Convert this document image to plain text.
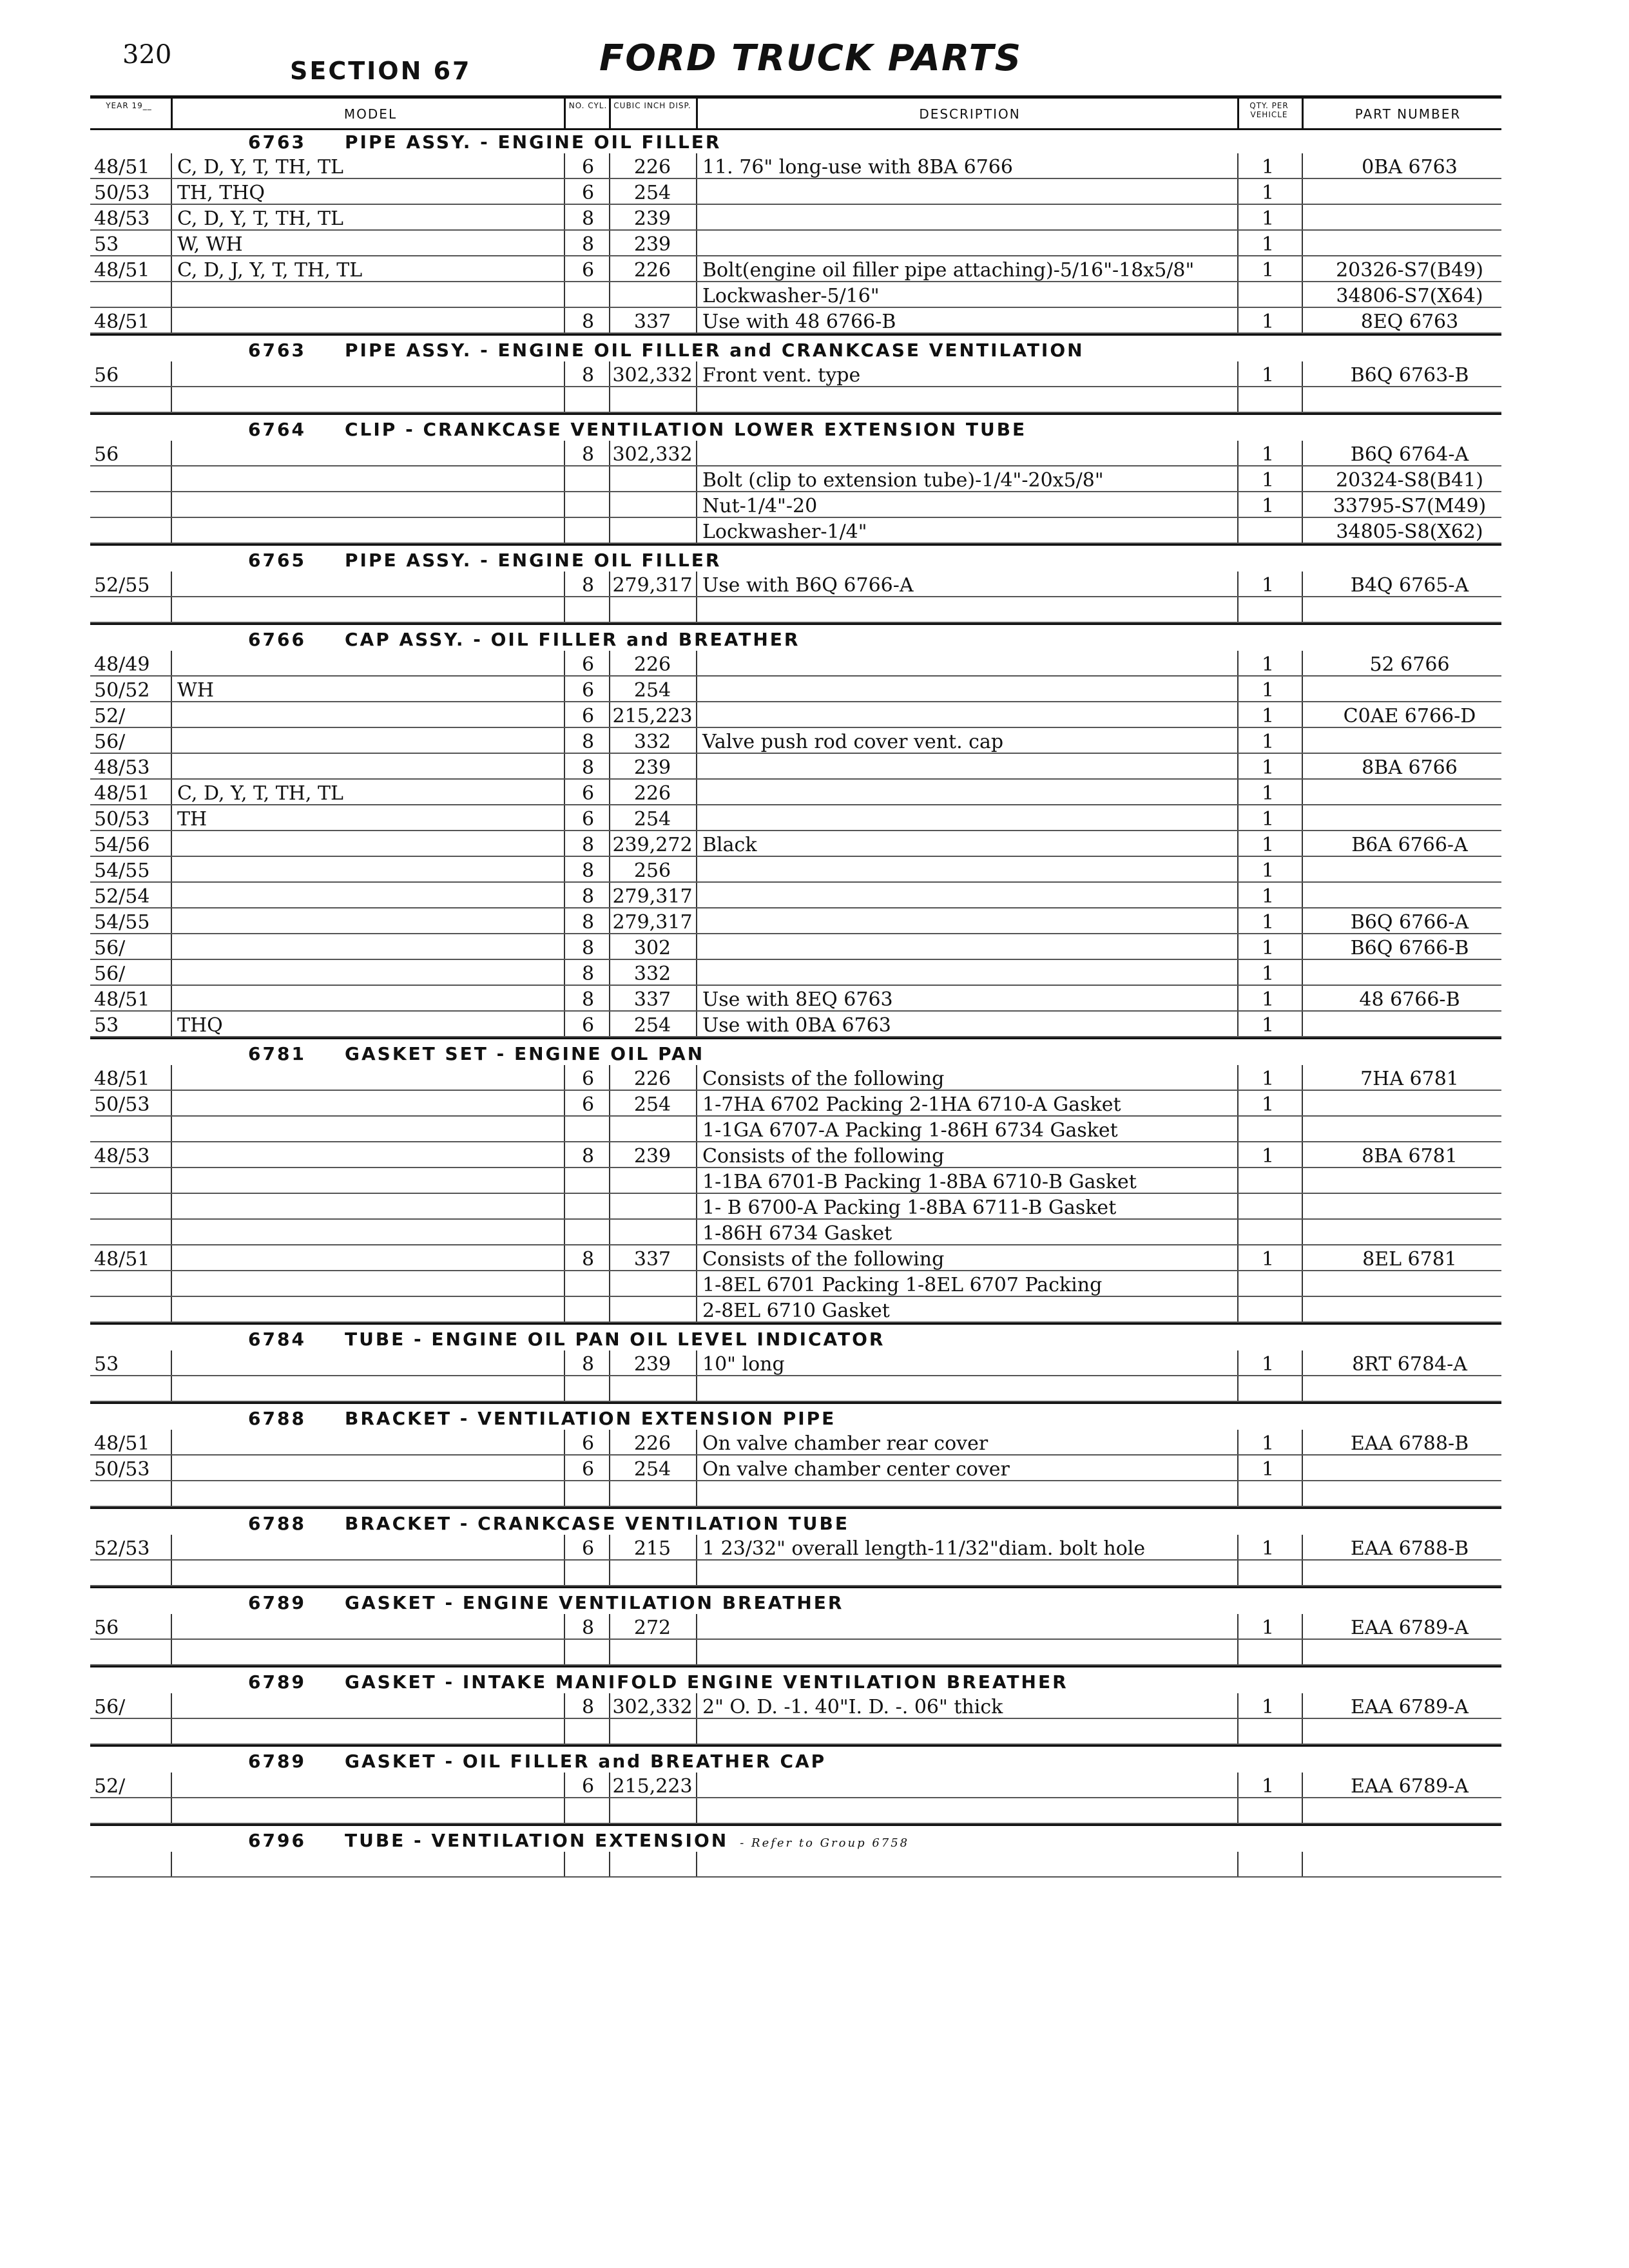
320
SECTION 67	FORD TRUCK PARTS
YEAR 19__
MODEL
NO. CYL. CUBIC INCH DISP.
DESCRIPTION
QTY. PER VEHICLE	PART NUMBER
6763 PIPE ASSY. - ENGINE OIL FILLER
48/51	C, D, Y, T, TH, TL	6	226	11. 76" long-use with 8BA 6766	1	0BA 6763
50/53	TH, THQ	6	254	1
48/53	C, D, Y, T, TH, TL	8	239	1
53	W, WH	8	239	1
48/51	C, D, J, Y, T, TH, TL	6	226	Bolt(engine oil filler pipe attaching)-5/16"-18x5/8"	1	20326-S7(B49)
Lockwasher-5/16"	34806-S7(X64)
48/51	8	337	Use with 48 6766-B	1	8EQ 6763
6763 PIPE ASSY. - ENGINE OIL FILLER and CRANKCASE VENTILATION
56	8 302,332 Front vent. type	1	B6Q 6763-B
6764 CLIP - CRANKCASE VENTILATION LOWER EXTENSION TUBE
56	8 302,332	1	B6Q 6764-A
Bolt (clip to extension tube)-1/4"-20x5/8"	1	20324-S8(B41)
Nut-1/4"-20	1	33795-S7(M49)
Lockwasher-1/4"	34805-S8(X62)
6765 PIPE ASSY. - ENGINE OIL FILLER
52/55	8 279,317 Use with B6Q 6766-A	1	B4Q 6765-A
6766 CAP ASSY. - OIL FILLER and BREATHER
48/49	6	226	1	52 6766
50/52	WH	6	254	1
52/	6 215,223	1	C0AE 6766-D
56/	8	332	Valve push rod cover vent. cap	1
48/53	8	239	1	8BA 6766
48/51	C, D, Y, T, TH, TL	6	226	1
50/53	TH	6	254	1
54/56	8 239,272 Black	1	B6A 6766-A
54/55	8	256	1
52/54	8 279,317	1
54/55	8 279,317	1	B6Q 6766-A
56/	8	302	1	B6Q 6766-B
56/	8	332	1
48/51	8	337	Use with 8EQ 6763	1	48 6766-B
53	THQ	6	254	Use with 0BA 6763	1
6781 GASKET SET - ENGINE OIL PAN
48/51	6	226	Consists of the following	1	7HA 6781
50/53	6	254	1-7HA 6702 Packing 2-1HA 6710-A Gasket	1
1-1GA 6707-A Packing 1-86H 6734 Gasket
48/53	8	239	Consists of the following	1	8BA 6781
1-1BA 6701-B Packing 1-8BA 6710-B Gasket
1- B 6700-A Packing 1-8BA 6711-B Gasket
1-86H 6734 Gasket
48/51	8	337	Consists of the following	1	8EL 6781
1-8EL 6701 Packing 1-8EL 6707 Packing
2-8EL 6710 Gasket
6784 TUBE - ENGINE OIL PAN OIL LEVEL INDICATOR
53	8	239	10" long	1	8RT 6784-A
6788 BRACKET - VENTILATION EXTENSION PIPE
48/51	6	226	On valve chamber rear cover	1	EAA 6788-B
50/53	6	254	On valve chamber center cover	1
6788 BRACKET - CRANKCASE VENTILATION TUBE
52/53	6	215	1 23/32" overall length-11/32"diam. bolt hole	1	EAA 6788-B
6789 GASKET - ENGINE VENTILATION BREATHER
56	8	272	1	EAA 6789-A
6789 GASKET - INTAKE MANIFOLD ENGINE VENTILATION BREATHER
56/	8 302,332 2" O. D. -1. 40"I. D. -. 06" thick	1	EAA 6789-A
6789 GASKET - OIL FILLER and BREATHER CAP
52/	6 215,223	1	EAA 6789-A
6796 TUBE - VENTILATION EXTENSION - Refer to Group 6758
